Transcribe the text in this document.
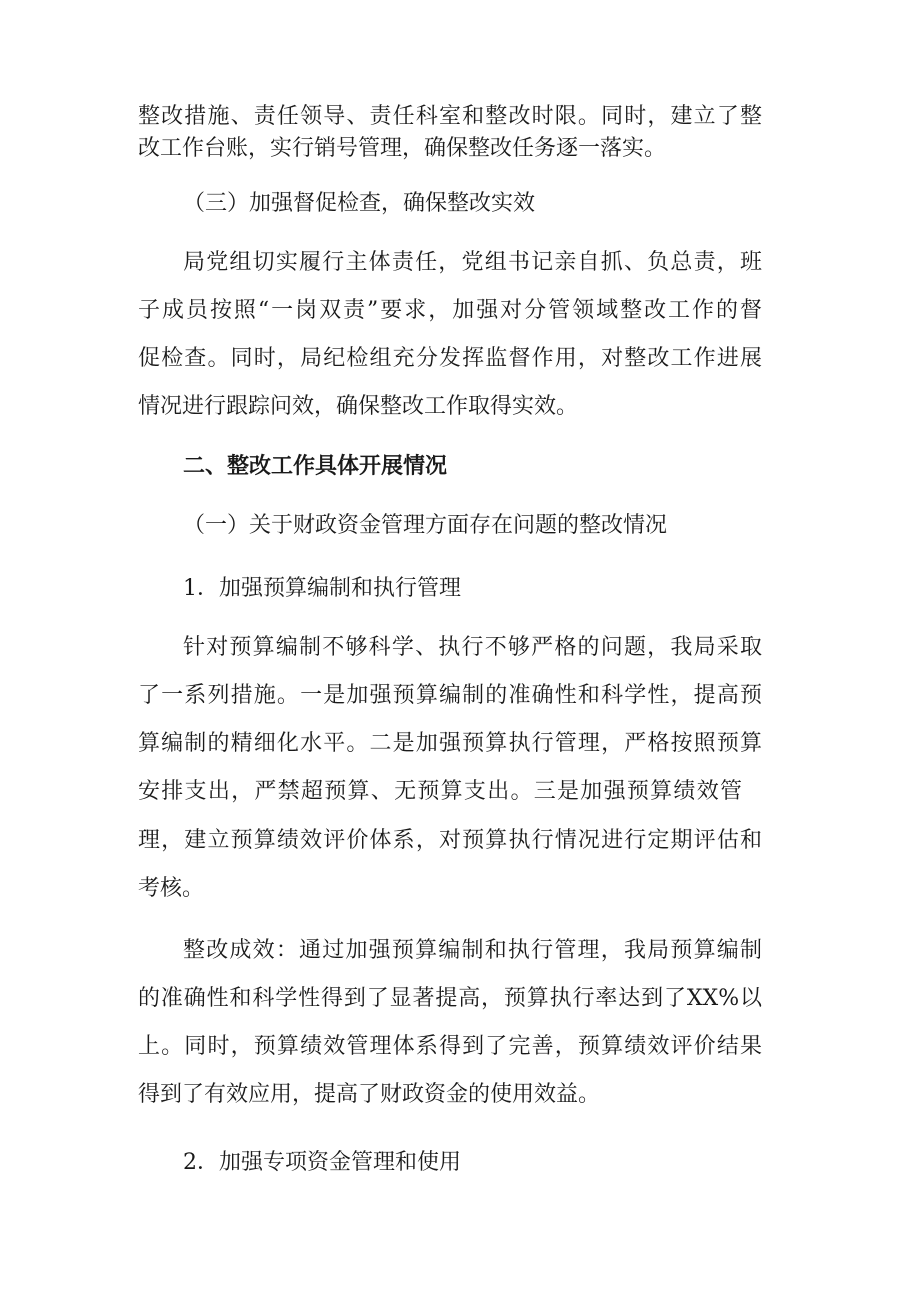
整改措施、责任领导、责任科室和整改时限。同时，建立了整

改工作台账，实行销号管理，确保整改任务逐一落实。

（三）加强督促检查，确保整改实效

局党组切实履行主体责任，党组书记亲自抓、负总责，班

子成员按照“一岗双责”要求，加强对分管领域整改工作的督

促检查。同时，局纪检组充分发挥监督作用，对整改工作进展

情况进行跟踪问效，确保整改工作取得实效。

二、整改工作具体开展情况

（一）关于财政资金管理方面存在问题的整改情况

1．加强预算编制和执行管理

针对预算编制不够科学、执行不够严格的问题，我局采取

了一系列措施。一是加强预算编制的准确性和科学性，提高预

算编制的精细化水平。二是加强预算执行管理，严格按照预算

安排支出，严禁超预算、无预算支出。三是加强预算绩效管

理，建立预算绩效评价体系，对预算执行情况进行定期评估和

考核。

整改成效：通过加强预算编制和执行管理，我局预算编制

的准确性和科学性得到了显著提高，预算执行率达到了XX%以

上。同时，预算绩效管理体系得到了完善，预算绩效评价结果

得到了有效应用，提高了财政资金的使用效益。

2．加强专项资金管理和使用
